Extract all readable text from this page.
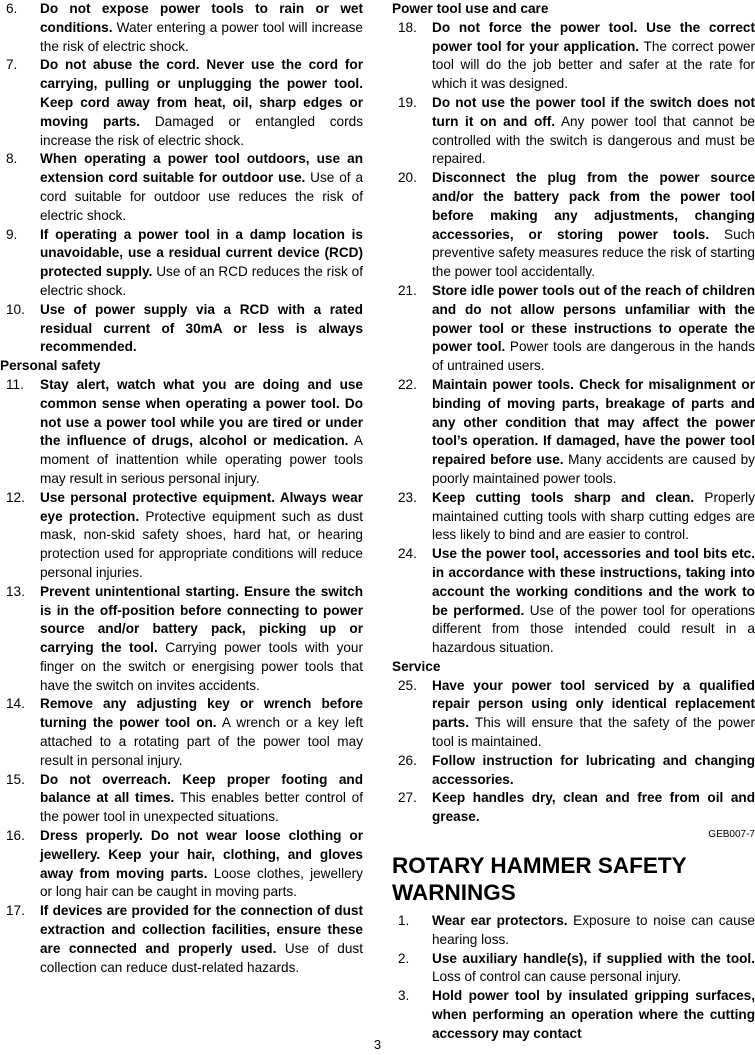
6.	Do not expose power tools to rain or wet conditions. Water entering a power tool will increase the risk of electric shock.
7.	Do not abuse the cord. Never use the cord for carrying, pulling or unplugging the power tool. Keep cord away from heat, oil, sharp edges or moving parts. Damaged or entangled cords increase the risk of electric shock.
8.	When operating a power tool outdoors, use an extension cord suitable for outdoor use. Use of a cord suitable for outdoor use reduces the risk of electric shock.
9.	If operating a power tool in a damp location is unavoidable, use a residual current device (RCD) protected supply. Use of an RCD reduces the risk of electric shock.
10.	Use of power supply via a RCD with a rated residual current of 30mA or less is always recommended.
Personal safety
11.	Stay alert, watch what you are doing and use common sense when operating a power tool. Do not use a power tool while you are tired or under the influence of drugs, alcohol or medication. A moment of inattention while operating power tools may result in serious personal injury.
12.	Use personal protective equipment. Always wear eye protection. Protective equipment such as dust mask, non-skid safety shoes, hard hat, or hearing protection used for appropriate conditions will reduce personal injuries.
13.	Prevent unintentional starting. Ensure the switch is in the off-position before connecting to power source and/or battery pack, picking up or carrying the tool. Carrying power tools with your finger on the switch or energising power tools that have the switch on invites accidents.
14.	Remove any adjusting key or wrench before turning the power tool on. A wrench or a key left attached to a rotating part of the power tool may result in personal injury.
15.	Do not overreach. Keep proper footing and balance at all times. This enables better control of the power tool in unexpected situations.
16.	Dress properly. Do not wear loose clothing or jewellery. Keep your hair, clothing, and gloves away from moving parts. Loose clothes, jewellery or long hair can be caught in moving parts.
17.	If devices are provided for the connection of dust extraction and collection facilities, ensure these are connected and properly used. Use of dust collection can reduce dust-related hazards.
Power tool use and care
18.	Do not force the power tool. Use the correct power tool for your application. The correct power tool will do the job better and safer at the rate for which it was designed.
19.	Do not use the power tool if the switch does not turn it on and off. Any power tool that cannot be controlled with the switch is dangerous and must be repaired.
20.	Disconnect the plug from the power source and/or the battery pack from the power tool before making any adjustments, changing accessories, or storing power tools. Such preventive safety measures reduce the risk of starting the power tool accidentally.
21.	Store idle power tools out of the reach of children and do not allow persons unfamiliar with the power tool or these instructions to operate the power tool. Power tools are dangerous in the hands of untrained users.
22.	Maintain power tools. Check for misalignment or binding of moving parts, breakage of parts and any other condition that may affect the power tool’s operation. If damaged, have the power tool repaired before use. Many accidents are caused by poorly maintained power tools.
23.	Keep cutting tools sharp and clean. Properly maintained cutting tools with sharp cutting edges are less likely to bind and are easier to control.
24.	Use the power tool, accessories and tool bits etc. in accordance with these instructions, taking into account the working conditions and the work to be performed. Use of the power tool for operations different from those intended could result in a hazardous situation.
Service
25.	Have your power tool serviced by a qualified repair person using only identical replacement parts. This will ensure that the safety of the power tool is maintained.
26.	Follow instruction for lubricating and changing accessories.
27.	Keep handles dry, clean and free from oil and grease.
GEB007-7
ROTARY HAMMER SAFETY WARNINGS
1.	Wear ear protectors. Exposure to noise can cause hearing loss.
2.	Use auxiliary handle(s), if supplied with the tool. Loss of control can cause personal injury.
3.	Hold power tool by insulated gripping surfaces, when performing an operation where the cutting accessory may contact
3
